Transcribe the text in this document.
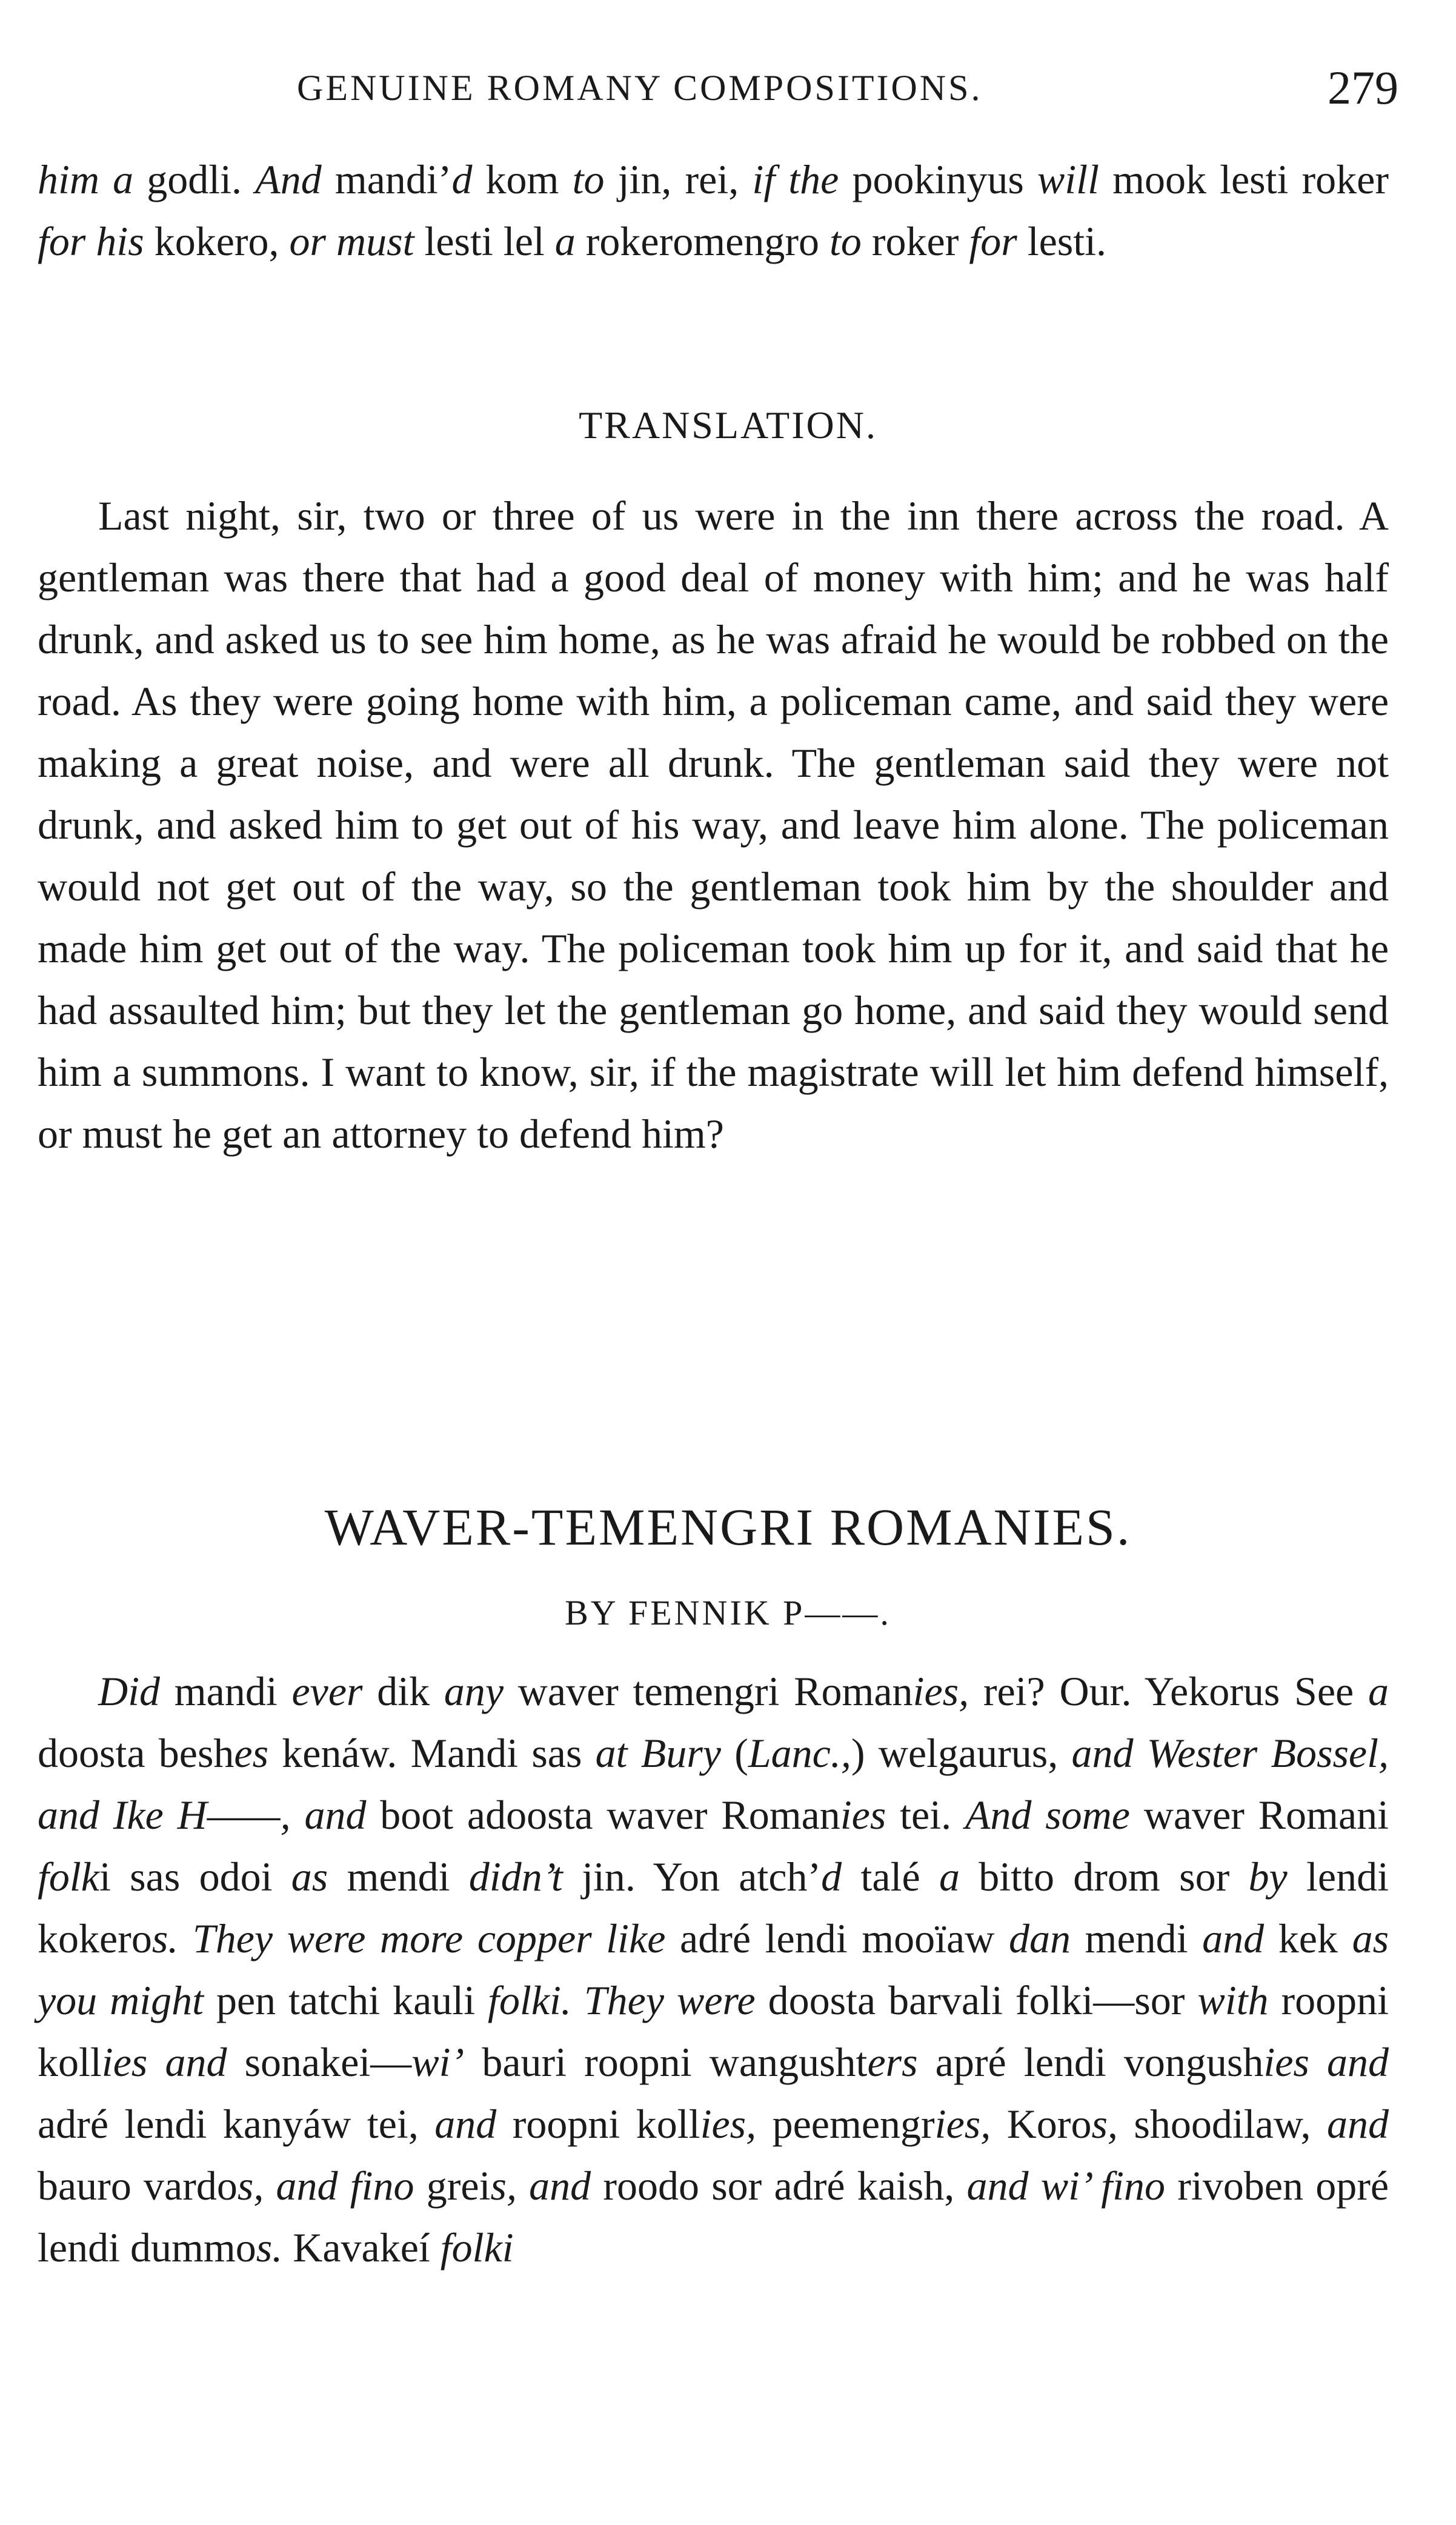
GENUINE ROMANY COMPOSITIONS.	279

him a godli. And mandi’d kom to jin, rei, if the pookinyus will mook lesti roker for his kokero, or must lesti lel a rokeromengro to roker for lesti.

TRANSLATION.

Last night, sir, two or three of us were in the inn there across the road. A gentleman was there that had a good deal of money with him; and he was half drunk, and asked us to see him home, as he was afraid he would be robbed on the road. As they were going home with him, a policeman came, and said they were making a great noise, and were all drunk. The gentleman said they were not drunk, and asked him to get out of his way, and leave him alone. The policeman would not get out of the way, so the gentleman took him by the shoulder and made him get out of the way. The policeman took him up for it, and said that he had assaulted him; but they let the gentleman go home, and said they would send him a summons. I want to know, sir, if the magistrate will let him defend himself, or must he get an attorney to defend him?

WAVER-TEMENGRI ROMANIES.
BY FENNIK P——.

Did mandi ever dik any waver temengri Romanies, rei? Our. Yekorus See a doosta beshes kenáw. Mandi sas at Bury (Lanc.,) welgaurus, and Wester Bossel, and Ike H——, and boot adoosta waver Romanies tei. And some waver Romani folki sas odoi as mendi didn’t jin. Yon atch’d talé a bitto drom sor by lendi kokeros. They were more copper like adré lendi mooïaw dan mendi and kek as you might pen tatchi kauli folki. They were doosta barvali folki—sor with roopni kollies and sonakei—wi’ bauri roopni wangushters apré lendi vongushies and adré lendi kanyáw tei, and roopni kollies, peemengries, Koros, shoodilaw, and bauro vardos, and fino greis, and roodo sor adré kaish, and wi’ fino rivoben opré lendi dummos. Kavakeí folki
